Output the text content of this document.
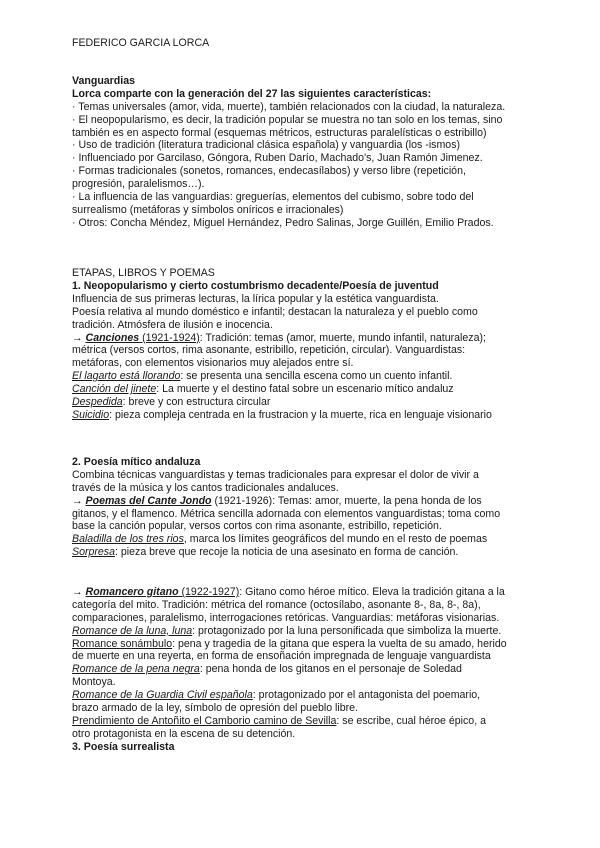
FEDERICO GARCIA LORCA
Vanguardias
Lorca comparte con la generación del 27 las siguientes características:
· Temas universales (amor, vida, muerte), también relacionados con la ciudad, la naturaleza.
· El neopopularismo, es decir, la tradición popular se muestra no tan solo en los temas, sino
también es en aspecto formal (esquemas métricos, estructuras paralelísticas o estribillo)
· Uso de tradición (literatura tradicional clásica española) y vanguardia (los -ismos)
· Influenciado por Garcilaso, Góngora, Ruben Darío, Machado's, Juan Ramón Jimenez.
· Formas tradicionales (sonetos, romances, endecasílabos) y verso libre (repetición,
progresión, paralelismos…).
· La influencia de las vanguardias: greguerías, elementos del cubismo, sobre todo del
surrealismo (metáforas y símbolos oníricos e irracionales)
· Otros: Concha Méndez, Miguel Hernández, Pedro Salinas, Jorge Guillén, Emilio Prados.
ETAPAS, LIBROS Y POEMAS
1. Neopopularismo y cierto costumbrismo decadente/Poesía de juventud
Influencia de sus primeras lecturas, la lírica popular y la estética vanguardista.
Poesía relativa al mundo doméstico e infantil; destacan la naturaleza y el pueblo como
tradición. Atmósfera de ilusión e inocencia.
→ Canciones (1921-1924): Tradición: temas (amor, muerte, mundo infantil, naturaleza);
métrica (versos cortos, rima asonante, estribillo, repetición, circular). Vanguardistas:
metáforas, con elementos visionarios muy alejados entre sí.
El lagarto está llorando: se presenta una sencilla escena como un cuento infantil.
Canción del jinete: La muerte y el destino fatal sobre un escenario mítico andaluz
Despedida: breve y con estructura circular
Suicidio: pieza compleja centrada en la frustracion y la muerte, rica en lenguaje visionario
2. Poesía mítico andaluza
Combina técnicas vanguardistas y temas tradicionales para expresar el dolor de vivir a
través de la música y los cantos tradicionales andaluces.
→ Poemas del Cante Jondo (1921-1926): Temas: amor, muerte, la pena honda de los
gitanos, y el flamenco. Métrica sencilla adornada con elementos vanguardistas; toma como
base la canción popular, versos cortos con rima asonante, estribillo, repetición.
Baladilla de los tres rios, marca los límites geográficos del mundo en el resto de poemas
Sorpresa: pieza breve que recoje la noticia de una asesinato en forma de canción.
→ Romancero gitano (1922-1927): Gitano como héroe mítico. Eleva la tradición gitana a la
categoría del mito. Tradición: métrica del romance (octosílabo, asonante 8-, 8a, 8-, 8a),
comparaciones, paralelismo, interrogaciones retóricas. Vanguardias: metáforas visionarias.
Romance de la luna, luna: protagonizado por la luna personificada que simboliza la muerte.
Romance sonámbulo: pena y tragedia de la gitana que espera la vuelta de su amado, herido
de muerte en una reyerta, en forma de ensoñación impregnada de lenguaje vanguardista
Romance de la pena negra: pena honda de los gitanos en el personaje de Soledad
Montoya.
Romance de la Guardia Civil española: protagonizado por el antagonista del poemario,
brazo armado de la ley, símbolo de opresión del pueblo libre.
Prendimiento de Antoñito el Camborio camino de Sevilla: se escribe, cual héroe épico, a
otro protagonista en la escena de su detención.
3. Poesía surrealista
